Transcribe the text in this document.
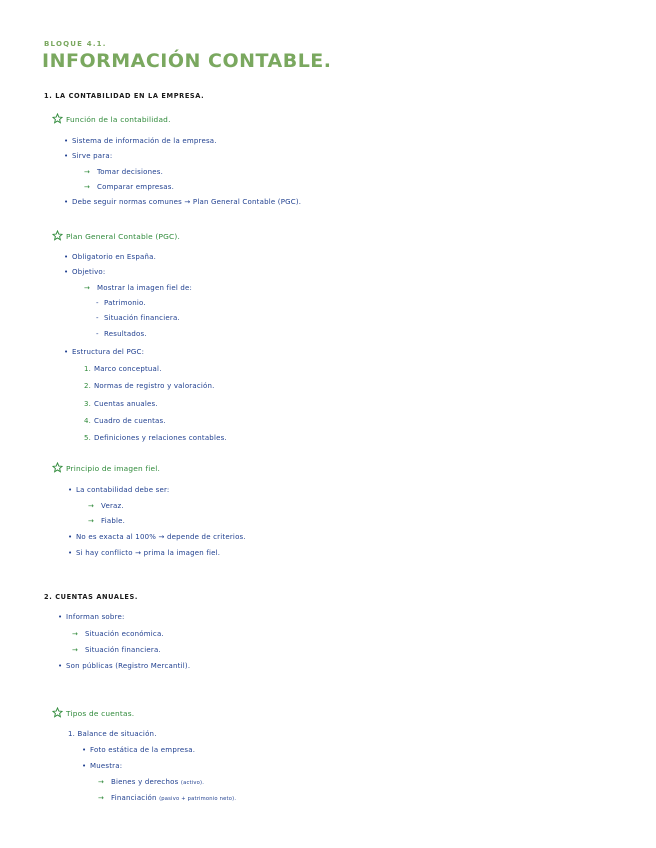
BLOQUE 4.1.
INFORMACIÓN CONTABLE.
1. LA CONTABILIDAD EN LA EMPRESA.
Función de la contabilidad.
• Sistema de información de la empresa.
• Sirve para:
→ Tomar decisiones.
→ Comparar empresas.
• Debe seguir normas comunes → Plan General Contable (PGC).
Plan General Contable (PGC).
• Obligatorio en España.
• Objetivo:
→ Mostrar la imagen fiel de:
- Patrimonio.
- Situación financiera.
- Resultados.
• Estructura del PGC:
1. Marco conceptual.
2. Normas de registro y valoración.
3. Cuentas anuales.
4. Cuadro de cuentas.
5. Definiciones y relaciones contables.
Principio de imagen fiel.
• La contabilidad debe ser:
→ Veraz.
→ Fiable.
• No es exacta al 100% → depende de criterios.
• Si hay conflicto → prima la imagen fiel.
2. CUENTAS ANUALES.
• Informan sobre:
→ Situación económica.
→ Situación financiera.
• Son públicas (Registro Mercantil).
Tipos de cuentas.
1. Balance de situación.
• Foto estática de la empresa.
• Muestra:
→ Bienes y derechos (activo).
→ Financiación (pasivo + patrimonio neto).
